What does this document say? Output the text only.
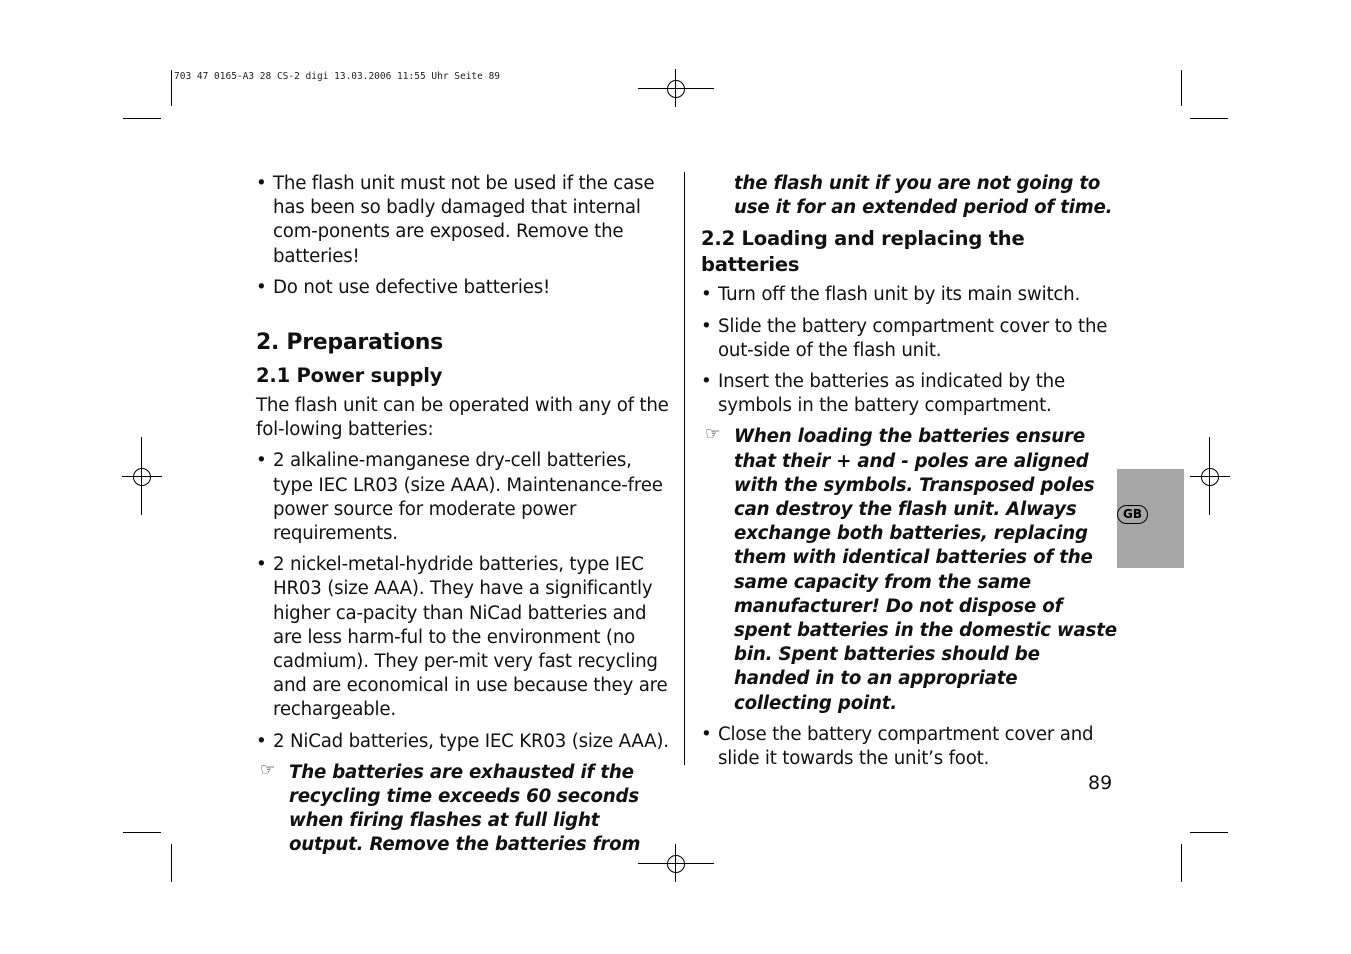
703 47 0165-A3 28 CS-2 digi 13.03.2006 11:55 Uhr Seite 89
• The flash unit must not be used if the case has been so badly damaged that internal com-ponents are exposed. Remove the batteries!
• Do not use defective batteries!
2. Preparations
2.1 Power supply
The flash unit can be operated with any of the fol-lowing batteries:
• 2 alkaline-manganese dry-cell batteries, type IEC LR03 (size AAA). Maintenance-free power source for moderate power requirements.
• 2 nickel-metal-hydride batteries, type IEC HR03 (size AAA). They have a significantly higher ca-pacity than NiCad batteries and are less harm-ful to the environment (no cadmium). They per-mit very fast recycling and are economical in use because they are rechargeable.
• 2 NiCad batteries, type IEC KR03 (size AAA).
☞ The batteries are exhausted if the recycling time exceeds 60 seconds when firing flashes at full light output. Remove the batteries from
the flash unit if you are not going to use it for an extended period of time.
2.2 Loading and replacing the batteries
• Turn off the flash unit by its main switch.
• Slide the battery compartment cover to the out-side of the flash unit.
• Insert the batteries as indicated by the symbols in the battery compartment.
☞ When loading the batteries ensure that their + and - poles are aligned with the symbols. Transposed poles can destroy the flash unit. Always exchange both batteries, replacing them with identical batteries of the same capacity from the same manufacturer! Do not dispose of spent batteries in the domestic waste bin. Spent batteries should be handed in to an appropriate collecting point.
• Close the battery compartment cover and slide it towards the unit’s foot.
GB
89
